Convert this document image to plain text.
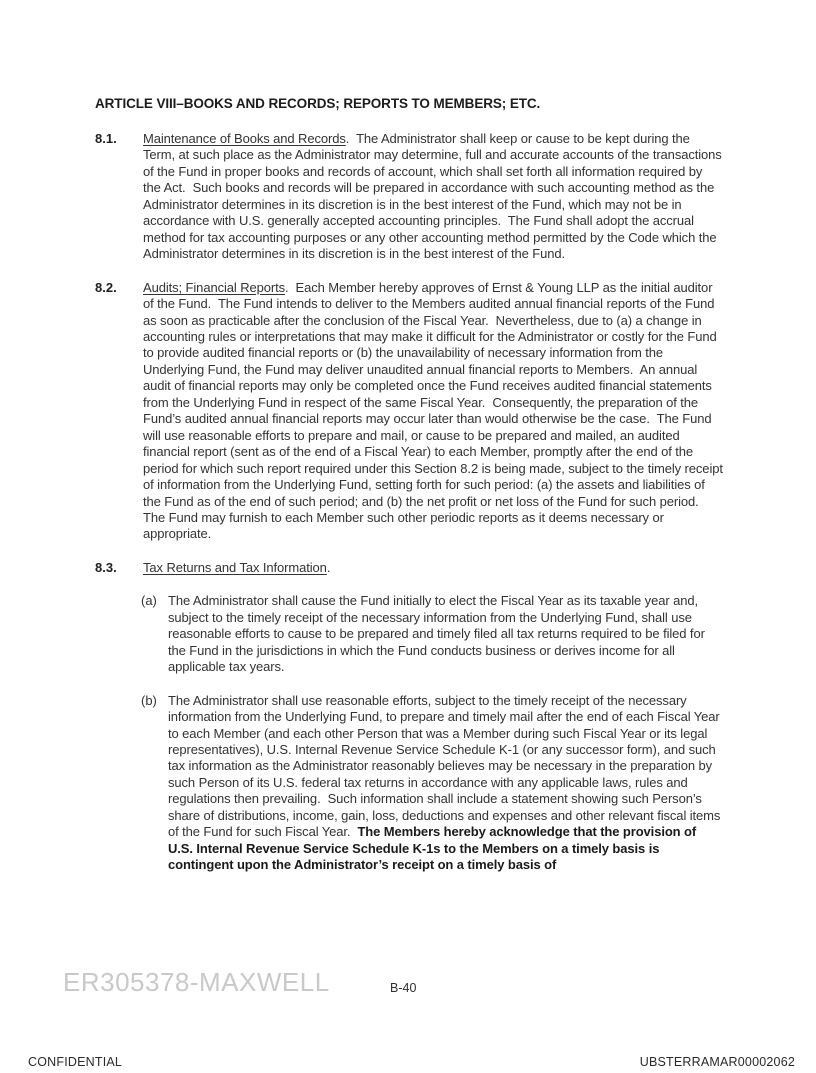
ARTICLE VIII–BOOKS AND RECORDS; REPORTS TO MEMBERS; ETC.
8.1.	Maintenance of Books and Records.  The Administrator shall keep or cause to be kept during the Term, at such place as the Administrator may determine, full and accurate accounts of the transactions of the Fund in proper books and records of account, which shall set forth all information required by the Act.  Such books and records will be prepared in accordance with such accounting method as the Administrator determines in its discretion is in the best interest of the Fund, which may not be in accordance with U.S. generally accepted accounting principles.  The Fund shall adopt the accrual method for tax accounting purposes or any other accounting method permitted by the Code which the Administrator determines in its discretion is in the best interest of the Fund.

8.2.	Audits; Financial Reports.  Each Member hereby approves of Ernst & Young LLP as the initial auditor of the Fund.  The Fund intends to deliver to the Members audited annual financial reports of the Fund as soon as practicable after the conclusion of the Fiscal Year.  Nevertheless, due to (a) a change in accounting rules or interpretations that may make it difficult for the Administrator or costly for the Fund to provide audited financial reports or (b) the unavailability of necessary information from the Underlying Fund, the Fund may deliver unaudited annual financial reports to Members.  An annual audit of financial reports may only be completed once the Fund receives audited financial statements from the Underlying Fund in respect of the same Fiscal Year.  Consequently, the preparation of the Fund’s audited annual financial reports may occur later than would otherwise be the case.  The Fund will use reasonable efforts to prepare and mail, or cause to be prepared and mailed, an audited financial report (sent as of the end of a Fiscal Year) to each Member, promptly after the end of the period for which such report required under this Section 8.2 is being made, subject to the timely receipt of information from the Underlying Fund, setting forth for such period: (a) the assets and liabilities of the Fund as of the end of such period; and (b) the net profit or net loss of the Fund for such period.

The Fund may furnish to each Member such other periodic reports as it deems necessary or appropriate.

8.3.	Tax Returns and Tax Information.

(a) The Administrator shall cause the Fund initially to elect the Fiscal Year as its taxable year and, subject to the timely receipt of the necessary information from the Underlying Fund, shall use reasonable efforts to cause to be prepared and timely filed all tax returns required to be filed for the Fund in the jurisdictions in which the Fund conducts business or derives income for all applicable tax years.
(b) The Administrator shall use reasonable efforts, subject to the timely receipt of the necessary information from the Underlying Fund, to prepare and timely mail after the end of each Fiscal Year to each Member (and each other Person that was a Member during such Fiscal Year or its legal representatives), U.S. Internal Revenue Service Schedule K-1 (or any successor form), and such tax information as the Administrator reasonably believes may be necessary in the preparation by such Person of its U.S. federal tax returns in accordance with any applicable laws, rules and regulations then prevailing.  Such information shall include a statement showing such Person’s share of distributions, income, gain, loss, deductions and expenses and other relevant fiscal items of the Fund for such Fiscal Year.  The Members hereby acknowledge that the provision of U.S. Internal Revenue Service Schedule K-1s to the Members on a timely basis is contingent upon the Administrator’s receipt on a timely basis of
ER305378-MAXWELL	B-40
CONFIDENTIAL	UBSTERRAMAR00002062
